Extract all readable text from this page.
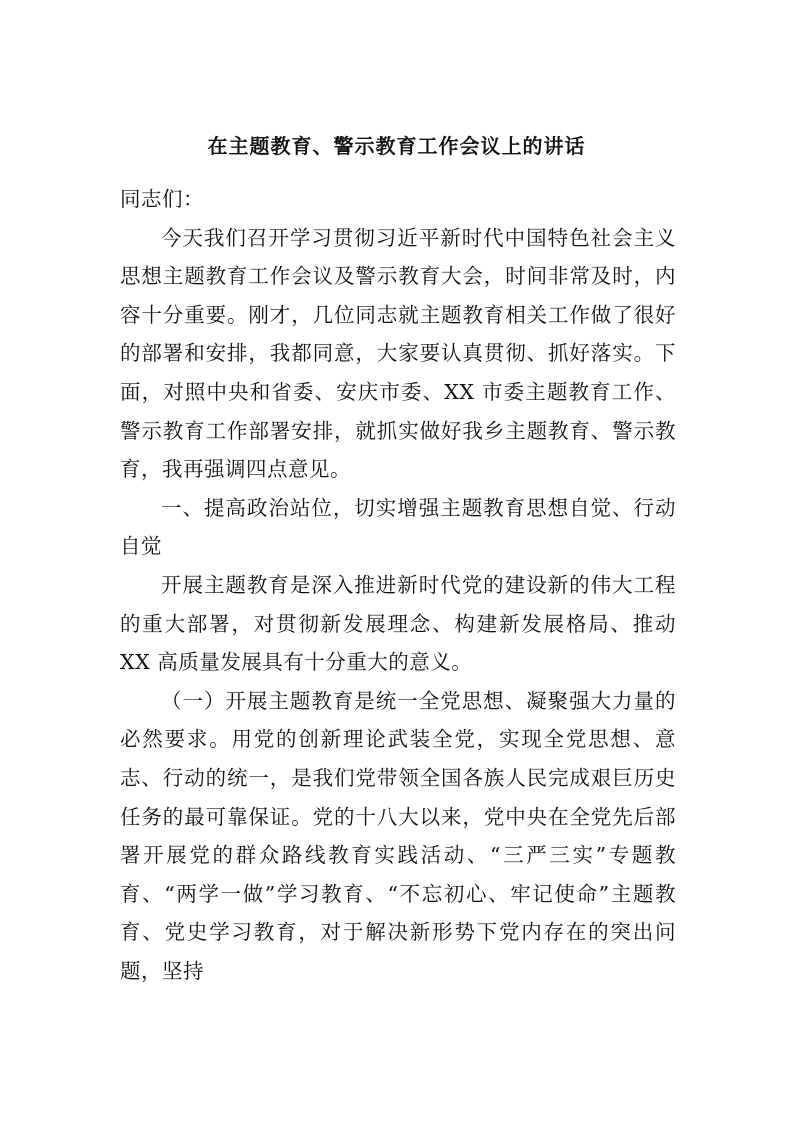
在主题教育、警示教育工作会议上的讲话

同志们：

今天我们召开学习贯彻习近平新时代中国特色社会主义思想主题教育工作会议及警示教育大会，时间非常及时，内容十分重要。刚才，几位同志就主题教育相关工作做了很好的部署和安排，我都同意，大家要认真贯彻、抓好落实。下面，对照中央和省委、安庆市委、XX 市委主题教育工作、警示教育工作部署安排，就抓实做好我乡主题教育、警示教育，我再强调四点意见。

一、提高政治站位，切实增强主题教育思想自觉、行动自觉

开展主题教育是深入推进新时代党的建设新的伟大工程的重大部署，对贯彻新发展理念、构建新发展格局、推动 XX 高质量发展具有十分重大的意义。

（一）开展主题教育是统一全党思想、凝聚强大力量的必然要求。用党的创新理论武装全党，实现全党思想、意志、行动的统一，是我们党带领全国各族人民完成艰巨历史任务的最可靠保证。党的十八大以来，党中央在全党先后部署开展党的群众路线教育实践活动、“三严三实”专题教育、“两学一做”学习教育、“不忘初心、牢记使命”主题教育、党史学习教育，对于解决新形势下党内存在的突出问题，坚持
